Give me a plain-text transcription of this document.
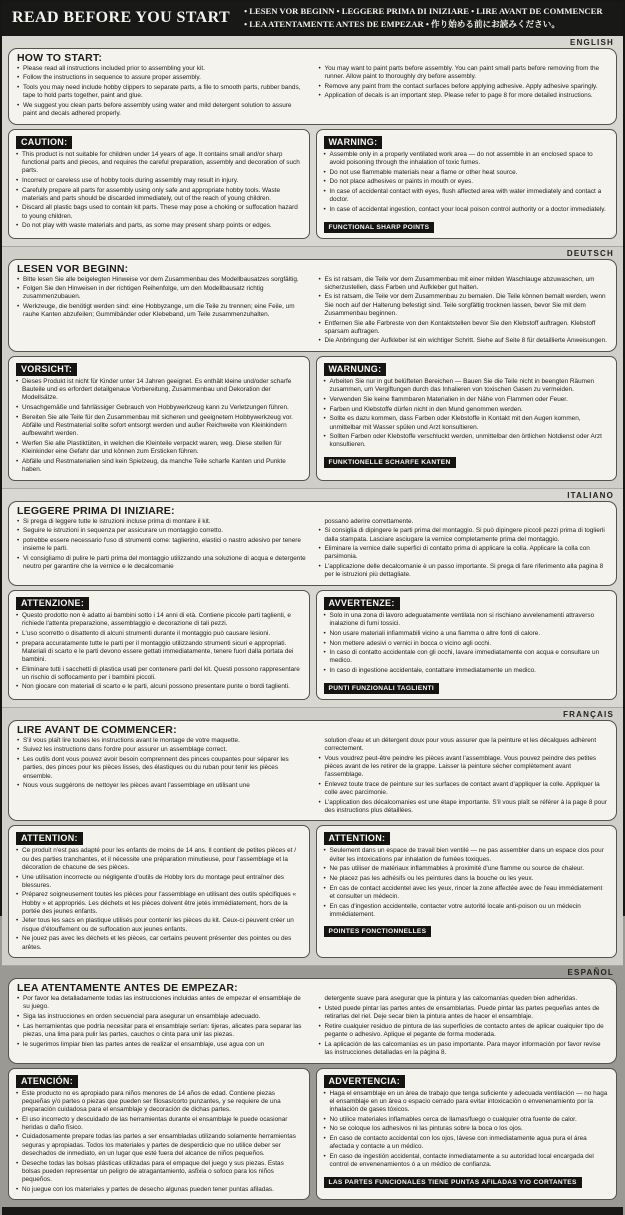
READ BEFORE YOU START • LESEN VOR BEGINN • LEGGERE PRIMA DI INIZIARE • LIRE AVANT DE COMMENCER
• LEA ATENTAMENTE ANTES DE EMPEZAR • 作り始める前にお読みください。
ENGLISH
HOW TO START:
• Please read all instructions included prior to assembling your kit.
• Follow the instructions in sequence to assure proper assembly.
• Tools you may need include hobby clippers to separate parts, a file to smooth parts, rubber bands, tape to hold parts together, paint and glue.
• We suggest you clean parts before assembly using water and mild detergent solution to assure paint and decals adhered properly.
• You may want to paint parts before assembly. You can paint small parts before removing from the runner. Allow paint to thoroughly dry before assembly.
• Remove any paint from the contact surfaces before applying adhesive. Apply adhesive sparingly.
• Application of decals is an important step. Please refer to page 8 for more detailed instructions.
CAUTION:
• This product is not suitable for children under 14 years of age. It contains small and/or sharp functional parts and pieces, and requires the careful preparation, assembly and decoration of such parts.
• Incorrect or careless use of hobby tools during assembly may result in injury.
• Carefully prepare all parts for assembly using only safe and appropriate hobby tools. Waste materials and parts should be discarded immediately, out of the reach of young children.
• Discard all plastic bags used to contain kit parts. These may pose a choking or suffocation hazard to young children.
• Do not play with waste materials and parts, as some may present sharp points or edges.
WARNING:
• Assemble only in a properly ventilated work area — do not assemble in an enclosed space to avoid poisoning through the inhalation of toxic fumes.
• Do not use flammable materials near a flame or other heat source.
• Do not place adhesives or paints in mouth or eyes.
• In case of accidental contact with eyes, flush affected area with water immediately and contact a doctor.
• In case of accidental ingestion, contact your local poison control authority or a doctor immediately.
FUNCTIONAL SHARP POINTS
DEUTSCH
LESEN VOR BEGINN:
• Bitte lesen Sie alle beigelegten Hinweise vor dem Zusammenbau des Modellbausatzes sorgfältig.
• Folgen Sie den Hinweisen in der richtigen Reihenfolge, um den Modellbausatz richtig zusammenzubauen.
• Werkzeuge, die benötigt werden sind: eine Hobbyzange, um die Teile zu trennen; eine Feile, um rauhe Kanten abzufeilen; Gummibänder oder Klebeband, um Teile zusammenzuhalten.
• Es ist ratsam, die Teile vor dem Zusammenbau mit einer milden Waschlauge abzuwaschen, um sicherzustellen, dass Farben und Aufkleber gut halten.
• Es ist ratsam, die Teile vor dem Zusammenbau zu bemalen. Die Teile können bemalt werden, wenn Sie noch auf der Halterung befestigt sind. Teile sorgfältig trocknen lassen, bevor Sie mit dem Zusammenbau beginnen.
• Entfernen Sie alle Farbreste von den Kontaktstellen bevor Sie den Klebstoff auftragen. Klebstoff sparsam auftragen.
• Die Anbringung der Aufkleber ist ein wichtiger Schritt. Siehe auf Seite 8 für detaillierte Anweisungen.
VORSICHT:
• Dieses Produkt ist nicht für Kinder unter 14 Jahren geeignet. Es enthält kleine und/oder scharfe Bauteile und es erfordert detailgenaue Vorbereitung, Zusammenbau und Dekoration der Modellsätze.
• Unsachgemäße und fahrlässiger Gebrauch von Hobbywerkzeug kann zu Verletzungen führen.
• Bereiten Sie alle Teile für den Zusammenbau mit sicheren und geeignetem Hobbywerkzeug vor. Abfälle und Restmaterial sollte sofort entsorgt werden und außer Reichweite von Kleinkindern aufbewahrt werden.
• Werfen Sie alle Plastiktüten, in welchen die Kleinteile verpackt waren, weg. Diese stellen für Kleinkinder eine Gefahr dar und können zum Ersticken führen.
• Abfälle und Restmaterialien sind kein Spielzeug, da manche Teile scharfe Kanten und Punkte haben.
WARNUNG:
• Arbeiten Sie nur in gut belüfteten Bereichen — Bauen Sie die Teile nicht in beengten Räumen zusammen, um Vergiftungen durch das Inhalieren von toxischen Gasen zu vermeiden.
• Verwenden Sie keine flammbaren Materialien in der Nähe von Flammen oder Feuer.
• Farben und Klebstoffe dürfen nicht in den Mund genommen werden.
• Sollte es dazu kommen, dass Farben oder Klebstoffe in Kontakt mit den Augen kommen, unmittelbar mit Wasser spülen und Arzt konsultieren.
• Sollten Farben oder Klebstoffe verschluckt werden, unmittelbar den örtlichen Notdienst oder Arzt konsultieren.
FUNKTIONELLE SCHARFE KANTEN
ITALIANO
LEGGERE PRIMA DI INIZIARE:
• Si prega di leggere tutte le istruzioni incluse prima di montare il kit.
• Seguire le istruzioni in sequenza per assicurare un montaggio corretto.
• potrebbe essere necessario l'uso di strumenti come: taglierino, elastici o nastro adesivo per tenere insieme le parti.
• Vi consigliamo di pulire le parti prima del montaggio utilizzando una soluzione di acqua e detergente neutro per garantire che la vernice e le decalcomanie
possano aderire correttamente.
• Si consiglia di dipingere le parti prima del montaggio. Si può dipingere piccoli pezzi prima di toglierli dalla stampata. Lasciare asciugare la vernice completamente prima del montaggio.
• Eliminare la vernice dalle superfici di contatto prima di applicare la colla. Applicare la colla con parsimonia.
• L'applicazione delle decalcomanie è un passo importante. Si prega di fare riferimento alla pagina 8 per le istruzioni più dettagliate.
ATTENZIONE:
• Questo prodotto non è adatto ai bambini sotto i 14 anni di età. Contiene piccole parti taglienti, e richiede l'attenta preparazione, assemblaggio e decorazione di tali pezzi.
• L'uso scorretto o disattento di alcuni strumenti durante il montaggio può causare lesioni.
• prepara accuratamente tutte le parti per il montaggio utilizzando strumenti sicuri e appropriati. Materiali di scarto e le parti devono essere gettati immediatamente, tenere fuori dalla portata dei bambini.
• Eliminare tutti i sacchetti di plastica usati per contenere parti del kit. Questi possono rappresentare un rischio di soffocamento per i bambini piccoli.
• Non giocare con materiali di scarto e le parti, alcuni possono presentare punte o bordi taglienti.
AVVERTENZE:
• Solo in una zona di lavoro adeguatamente ventilata non si rischiano avvelenamenti attraverso inalazione di fumi tossici.
• Non usare materiali infiammabili vicino a una fiamma o altre fonti di calore.
• Non mettere adesivi o vernici in bocca o vicino agli occhi.
• In caso di contatto accidentale con gli occhi, lavare immediatamente con acqua e consultare un medico.
• In caso di ingestione accidentale, contattare immediatamente un medico.
PUNTI FUNZIONALI TAGLIENTI
FRANÇAIS
LIRE AVANT DE COMMENCER:
• S'il vous plaît lire toutes les instructions avant le montage de votre maquette.
• Suivez les instructions dans l'ordre pour assurer un assemblage correct.
• Les outils dont vous pouvez avoir besoin comprennent des pinces coupantes pour séparer les parties, des pinces pour les pièces lisses, des élastiques ou du ruban pour tenir les pièces ensemble.
• Nous vous suggérons de nettoyer les pièces avant l'assemblage en utilisant une
solution d'eau et un détergent doux pour vous assurer que la peinture et les décalques adhèrent correctement.
• Vous voudrez peut-être peindre les pièces avant l'assemblage. Vous pouvez peindre des petites pièces avant de les retirer de la grappe. Laisser la peinture sécher complètement avant l'assemblage.
• Enlevez toute trace de peinture sur les surfaces de contact avant d'appliquer la colle. Appliquer la colle avec parcimonie.
• L'application des décalcomanies est une étape importante. S'il vous plaît se référer à la page 8 pour des instructions plus détaillées.
ATTENTION:
• Ce produit n'est pas adapté pour les enfants de moins de 14 ans. Il contient de petites pièces et / ou des parties tranchantes, et il nécessite une préparation minutieuse, pour l'assemblage et la décoration de chacune de ses pièces.
• Une utilisation incorrecte ou négligente d'outils de Hobby lors du montage peut entraîner des blessures.
• Préparez soigneusement toutes les pièces pour l'assemblage en utilisant des outils spécifiques « Hobby » et appropriés. Les déchets et les pièces doivent être jetés immédiatement, hors de la portée des jeunes enfants.
• Jeter tous les sacs en plastique utilisés pour contenir les pièces du kit. Ceux-ci peuvent créer un risque d'étouffement ou de suffocation aux jeunes enfants.
• Ne jouez pas avec les déchets et les pièces, car certains peuvent présenter des pointes ou des arêtes.
ATTENTION:
• Seulement dans un espace de travail bien ventilé — ne pas assembler dans un espace clos pour éviter les intoxications par inhalation de fumées toxiques.
• Ne pas utiliser de matériaux inflammables à proximité d'une flamme ou source de chaleur.
• Ne placez pas les adhésifs ou les peintures dans la bouche ou les yeux.
• En cas de contact accidentel avec les yeux, rincer la zone affectée avec de l'eau immédiatement et consulter un médecin.
• En cas d'ingestion accidentelle, contacter votre autorité locale anti-poison ou un médecin immédiatement.
POINTES FONCTIONNELLES
ESPAÑOL
LEA ATENTAMENTE ANTES DE EMPEZAR:
• Por favor lea detalladamente todas las instrucciones incluidas antes de empezar el ensamblaje de su juego.
• Siga las instrucciones en orden secuencial para asegurar un ensamblaje adecuado.
• Las herramientas que podría necesitar para el ensamblaje serían: tijeras, alicates para separar las piezas, una lima para pulir las partes, cauchos o cinta para unir las piezas.
• le sugerimos limpiar bien las partes antes de realizar el ensamblaje, use agua con un
detergente suave para asegurar que la pintura y las calcomanías queden bien adheridas.
• Usted puede pintar las partes antes de ensamblarlas. Puede pintar las partes pequeñas antes de retirarlas del riel. Deje secar bien la pintura antes de hacer el ensamblaje.
• Retire cualquier residuo de pintura de las superficies de contacto antes de aplicar cualquier tipo de pegante o adhesivo. Aplique el pegante de forma moderada.
• La aplicación de las calcomanías es un paso importante. Para mayor información por favor revise las instrucciones detalladas en la página 8.
ATENCIÓN:
• Este producto no es apropiado para niños menores de 14 años de edad. Contiene piezas pequeñas y/o partes o piezas que pueden ser filosas/corto punzantes, y se requiere de una preparación cuidadosa para el ensamblaje y decoración de dichas partes.
• El uso incorrecto y descuidado de las herramientas durante el ensamblaje le puede ocasionar heridas o daño físico.
• Cuidadosamente prepare todas las partes a ser ensambladas utilizando solamente herramientas seguras y apropiadas. Todos los materiales y partes de desperdicio que no utilice deber ser desechados de inmediato, en un lugar que esté fuera del alcance de niños pequeños.
• Deseche todas las bolsas plásticas utilizadas para el empaque del juego y sus piezas. Estas bolsas pueden representar un peligro de atragantamiento, asfixia o sofoco para los niños pequeños.
• No juegue con los materiales y partes de desecho algunas pueden tener puntas afiladas.
ADVERTENCIA:
• Haga el ensamblaje en un área de trabajo que tenga suficiente y adecuada ventilación — no haga el ensamblaje en un área o espacio cerrado para evitar intoxicación o envenenamiento por la inhalación de gases tóxicos.
• No utilice materiales inflamables cerca de llamas/fuego o cualquier otra fuente de calor.
• No se coloque los adhesivos ni las pinturas sobre la boca o los ojos.
• En caso de contacto accidental con los ojos, lávese con inmediatamente agua pura el área afectada y contacte a un médico.
• En caso de ingestión accidental, contacte inmediatamente a su autoridad local encargada del control de envenenamientos ó a un médico de confianza.
LAS PARTES FUNCIONALES TIENE PUNTAS AFILADAS Y/O CORTANTES
